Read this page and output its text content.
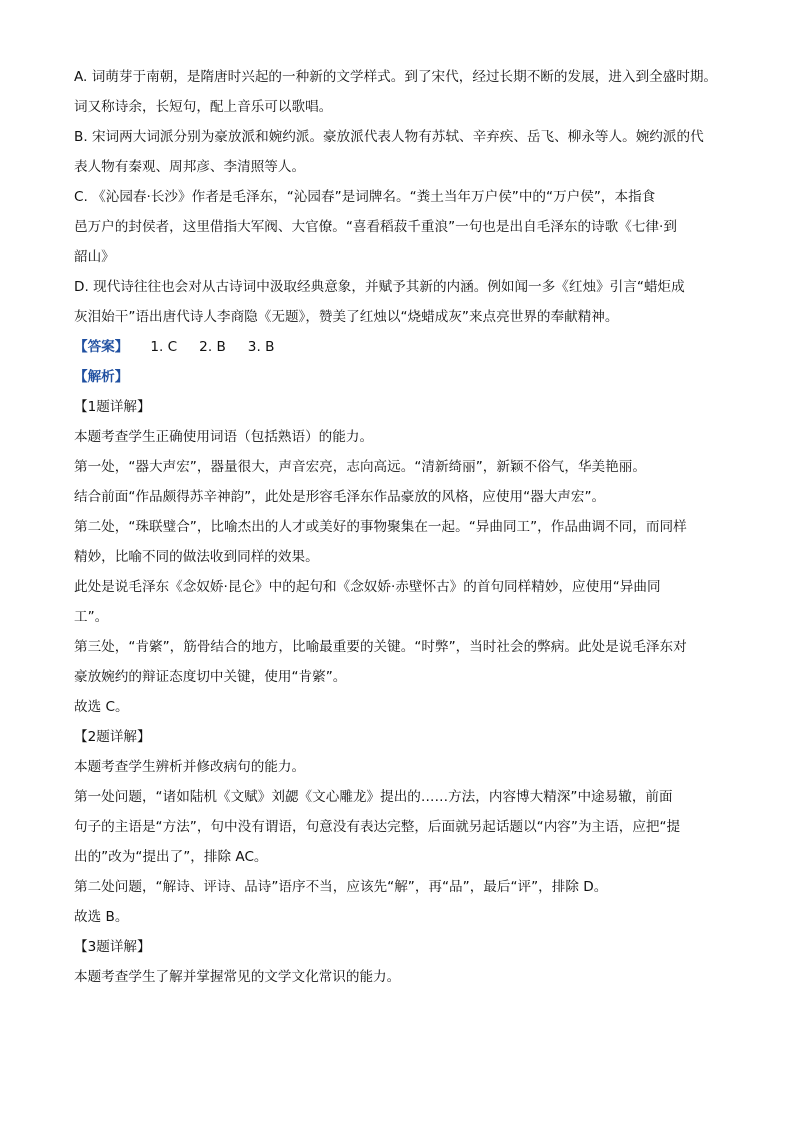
A. 词萌芽于南朝，是隋唐时兴起的一种新的文学样式。到了宋代，经过长期不断的发展，进入到全盛时期。
词又称诗余，长短句，配上音乐可以歌唱。
B. 宋词两大词派分别为豪放派和婉约派。豪放派代表人物有苏轼、辛弃疾、岳飞、柳永等人。婉约派的代
表人物有秦观、周邦彦、李清照等人。
C. 《沁园春·长沙》作者是毛泽东，“沁园春”是词牌名。“粪土当年万户侯”中的“万户侯”，本指食
邑万户的封侯者，这里借指大军阀、大官僚。“喜看稻菽千重浪”一句也是出自毛泽东的诗歌《七律·到
韶山》
D. 现代诗往往也会对从古诗词中汲取经典意象，并赋予其新的内涵。例如闻一多《红烛》引言“蜡炬成
灰泪始干”语出唐代诗人李商隐《无题》，赞美了红烛以“烧蜡成灰”来点亮世界的奉献精神。
【答案】 1. C 2. B 3. B
【解析】
【1题详解】
本题考查学生正确使用词语（包括熟语）的能力。
第一处，“器大声宏”，器量很大，声音宏亮，志向高远。“清新绮丽”，新颖不俗气，华美艳丽。
结合前面“作品颇得苏辛神韵”，此处是形容毛泽东作品豪放的风格，应使用“器大声宏”。
第二处，“珠联璧合”，比喻杰出的人才或美好的事物聚集在一起。“异曲同工”，作品曲调不同，而同样
精妙，比喻不同的做法收到同样的效果。
此处是说毛泽东《念奴娇·昆仑》中的起句和《念奴娇·赤壁怀古》的首句同样精妙，应使用“异曲同
工”。
第三处，“肯綮”，筋骨结合的地方，比喻最重要的关键。“时弊”，当时社会的弊病。此处是说毛泽东对
豪放婉约的辩证态度切中关键，使用“肯綮”。
故选 C。
【2题详解】
本题考查学生辨析并修改病句的能力。
第一处问题，“诸如陆机《文赋》刘勰《文心雕龙》提出的……方法，内容博大精深”中途易辙，前面
句子的主语是“方法”，句中没有谓语，句意没有表达完整，后面就另起话题以“内容”为主语，应把“提
出的”改为“提出了”，排除 AC。
第二处问题，“解诗、评诗、品诗”语序不当，应该先“解”，再“品”，最后“评”，排除 D。
故选 B。
【3题详解】
本题考查学生了解并掌握常见的文学文化常识的能力。
